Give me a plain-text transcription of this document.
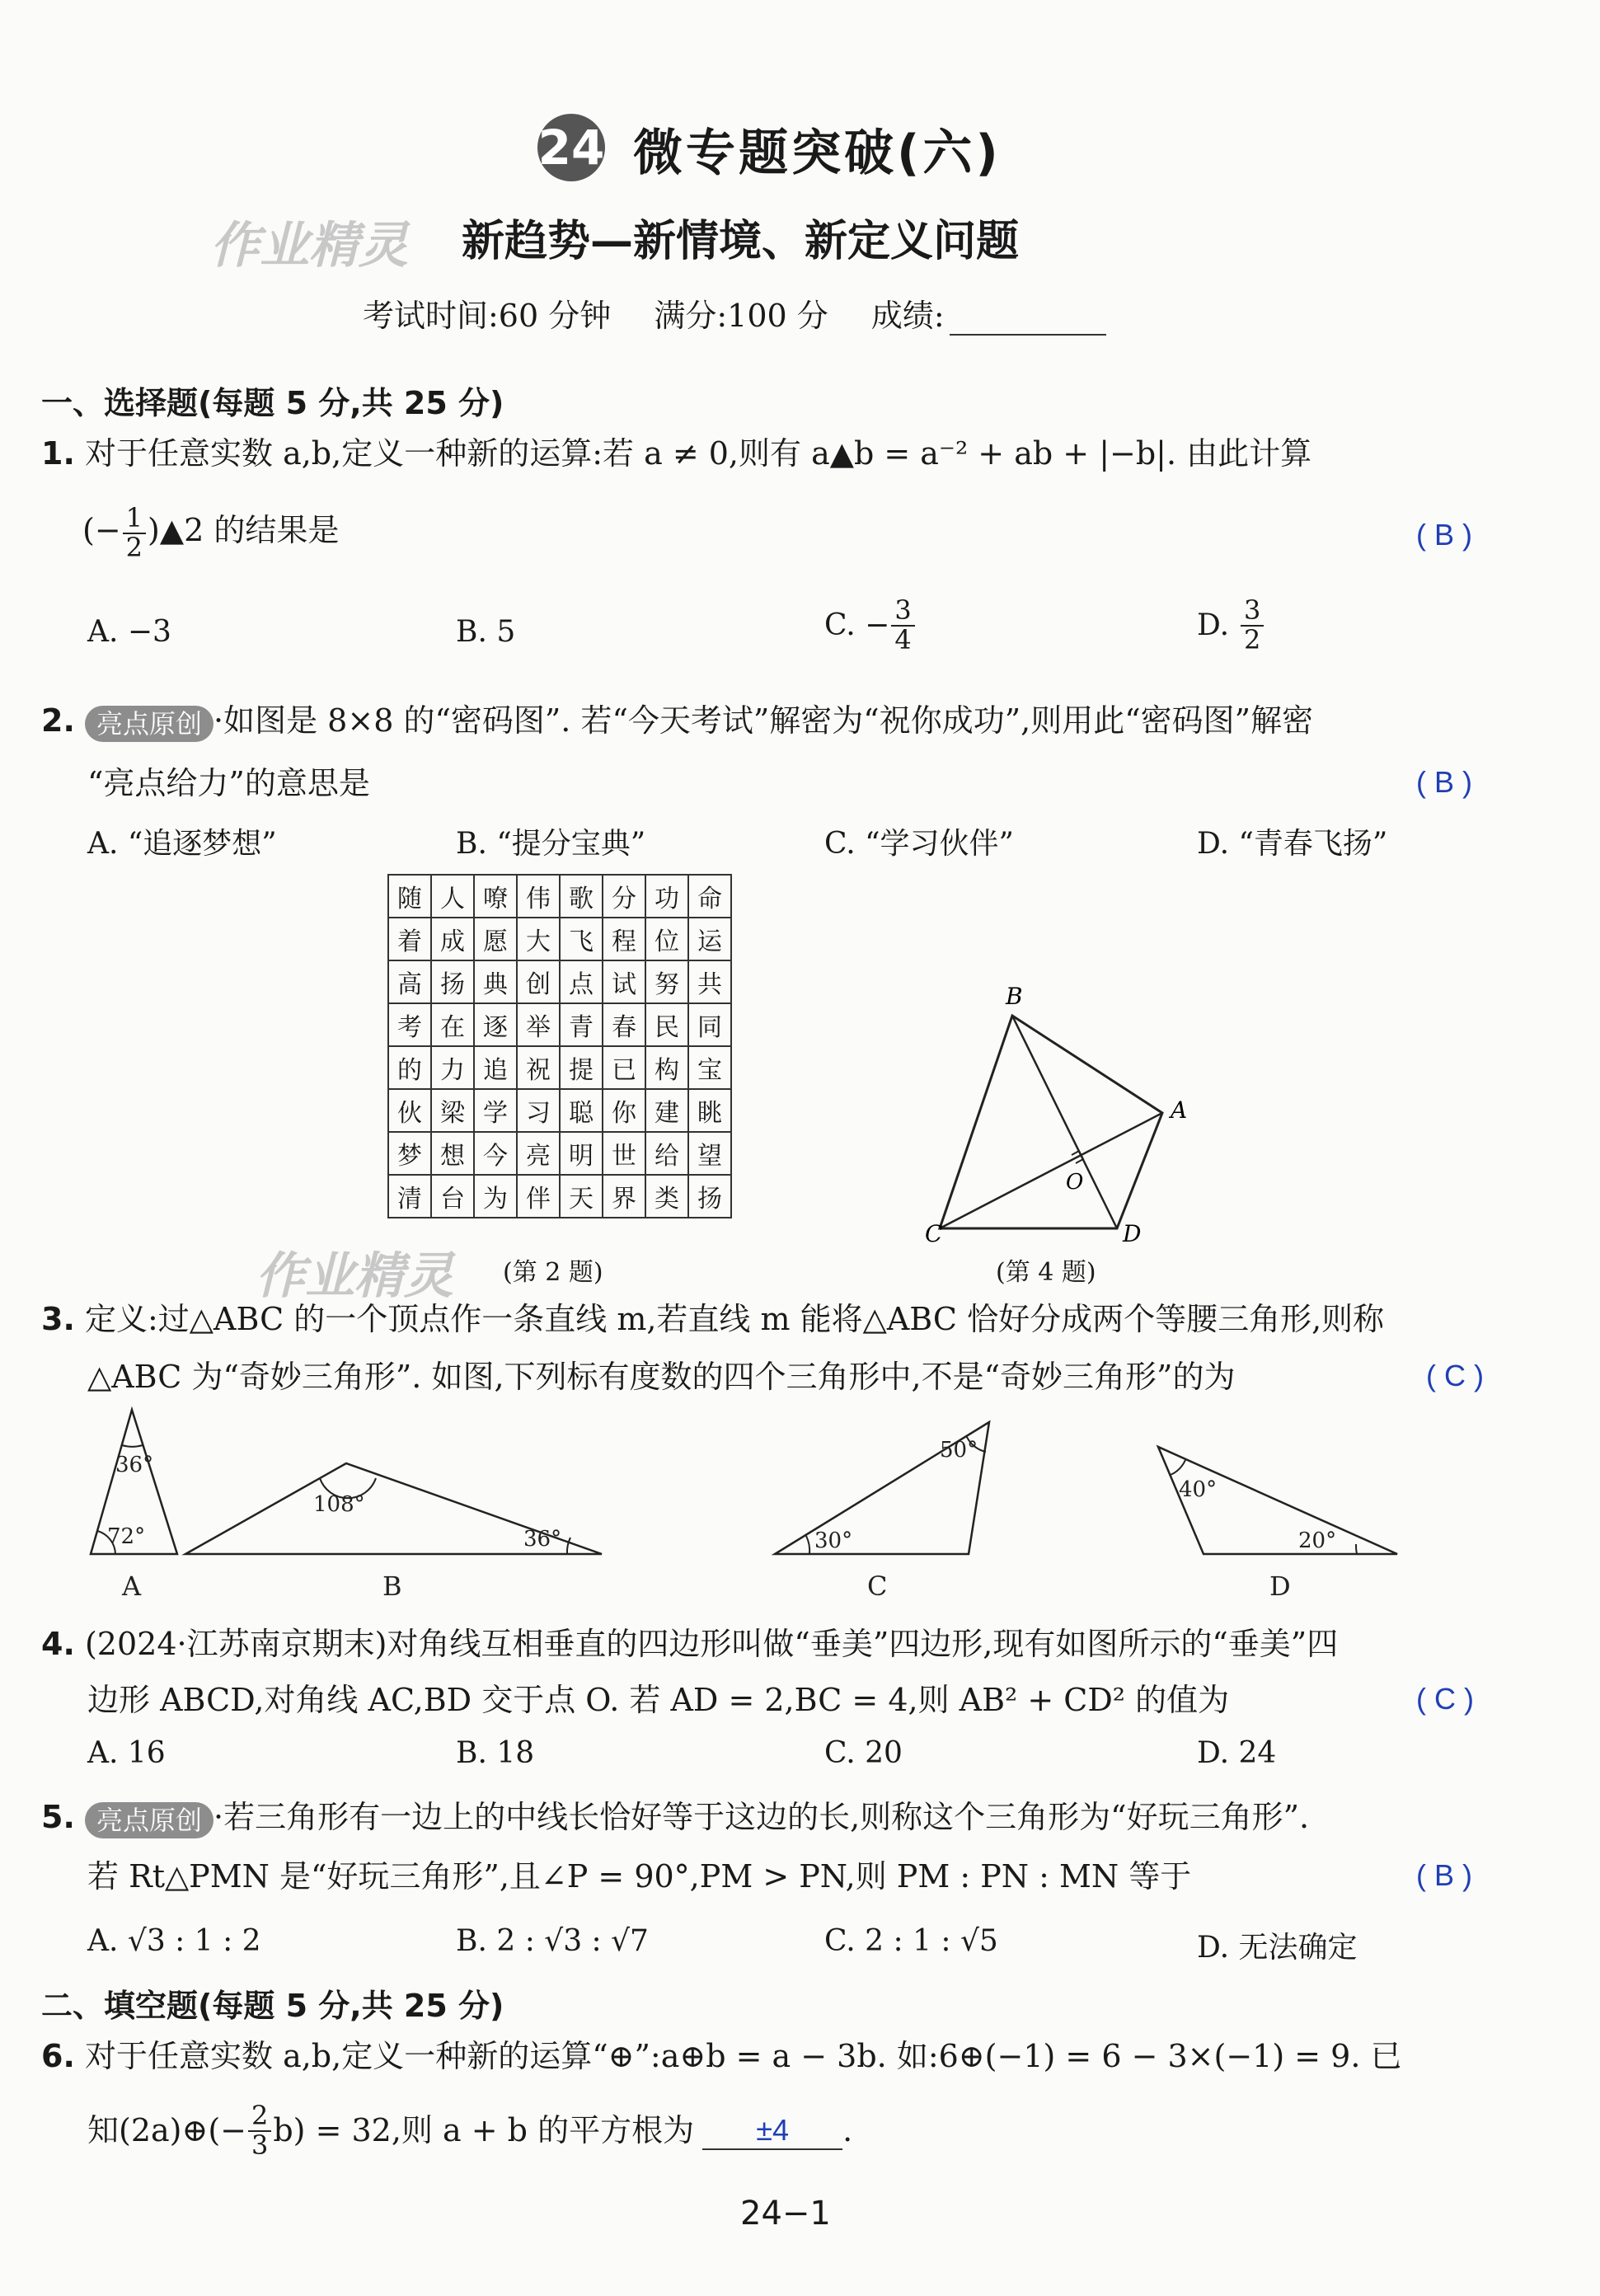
24 微专题突破(六)
作业精灵 新趋势—新情境、新定义问题
考试时间:60 分钟 满分:100 分 成绩:
一、选择题(每题 5 分,共 25 分)
1. 对于任意实数 a,b,定义一种新的运算:若 a ≠ 0,则有 a▲b = a⁻² + ab + |−b|. 由此计算
(− $\frac{1}{2}$ )▲2 的结果是	( B )
A. −3	B. 5	C. − $\frac{3}{4}$	D. $\frac{3}{2}$
2. 亮点原创 ·如图是 8×8 的“密码图”. 若“今天考试”解密为“祝你成功”,则用此“密码图”解密
“亮点给力”的意思是	( B )
A. “追逐梦想”	B. “提分宝典”	C. “学习伙伴”	D. “青春飞扬”
随	人	嘹	伟	歌	分	功	命
着	成	愿	大	飞	程	位	运
高	扬	典	创	点	试	努	共
考	在	逐	举	青	春	民	同
的	力	追	祝	提	已	构	宝
伙	梁	学	习	聪	你	建	眺
梦	想	今	亮	明	世	给	望
清	台	为	伴	天	界	类	扬
作业精灵 (第 2 题)
B
A
C	D
O
(第 4 题)
3. 定义:过△ABC 的一个顶点作一条直线 m,若直线 m 能将△ABC 恰好分成两个等腰三角形,则称
△ABC 为“奇妙三角形”. 如图,下列标有度数的四个三角形中,不是“奇妙三角形”的为	( C )
36°
72°
A
108°
36°
B
50°
30°
C
40°
20°
D
4. (2024·江苏南京期末)对角线互相垂直的四边形叫做“垂美”四边形,现有如图所示的“垂美”四
边形 ABCD,对角线 AC,BD 交于点 O. 若 AD = 2,BC = 4,则 AB² + CD² 的值为	( C )
A. 16	B. 18	C. 20	D. 24
5. 亮点原创 ·若三角形有一边上的中线长恰好等于这边的长,则称这个三角形为“好玩三角形”.
若 Rt△PMN 是“好玩三角形”,且∠P = 90°,PM > PN,则 PM : PN : MN 等于	( B )
A. √3 : 1 : 2	B. 2 : √3 : √7	C. 2 : 1 : √5	D. 无法确定
二、填空题(每题 5 分,共 25 分)
6. 对于任意实数 a,b,定义一种新的运算“⊕”:a⊕b = a − 3b. 如:6⊕(−1) = 6 − 3×(−1) = 9. 已
知(2a)⊕(− $\frac{2}{3} b) = 32$,则 a + b 的平方根为	±4	.
24−1
